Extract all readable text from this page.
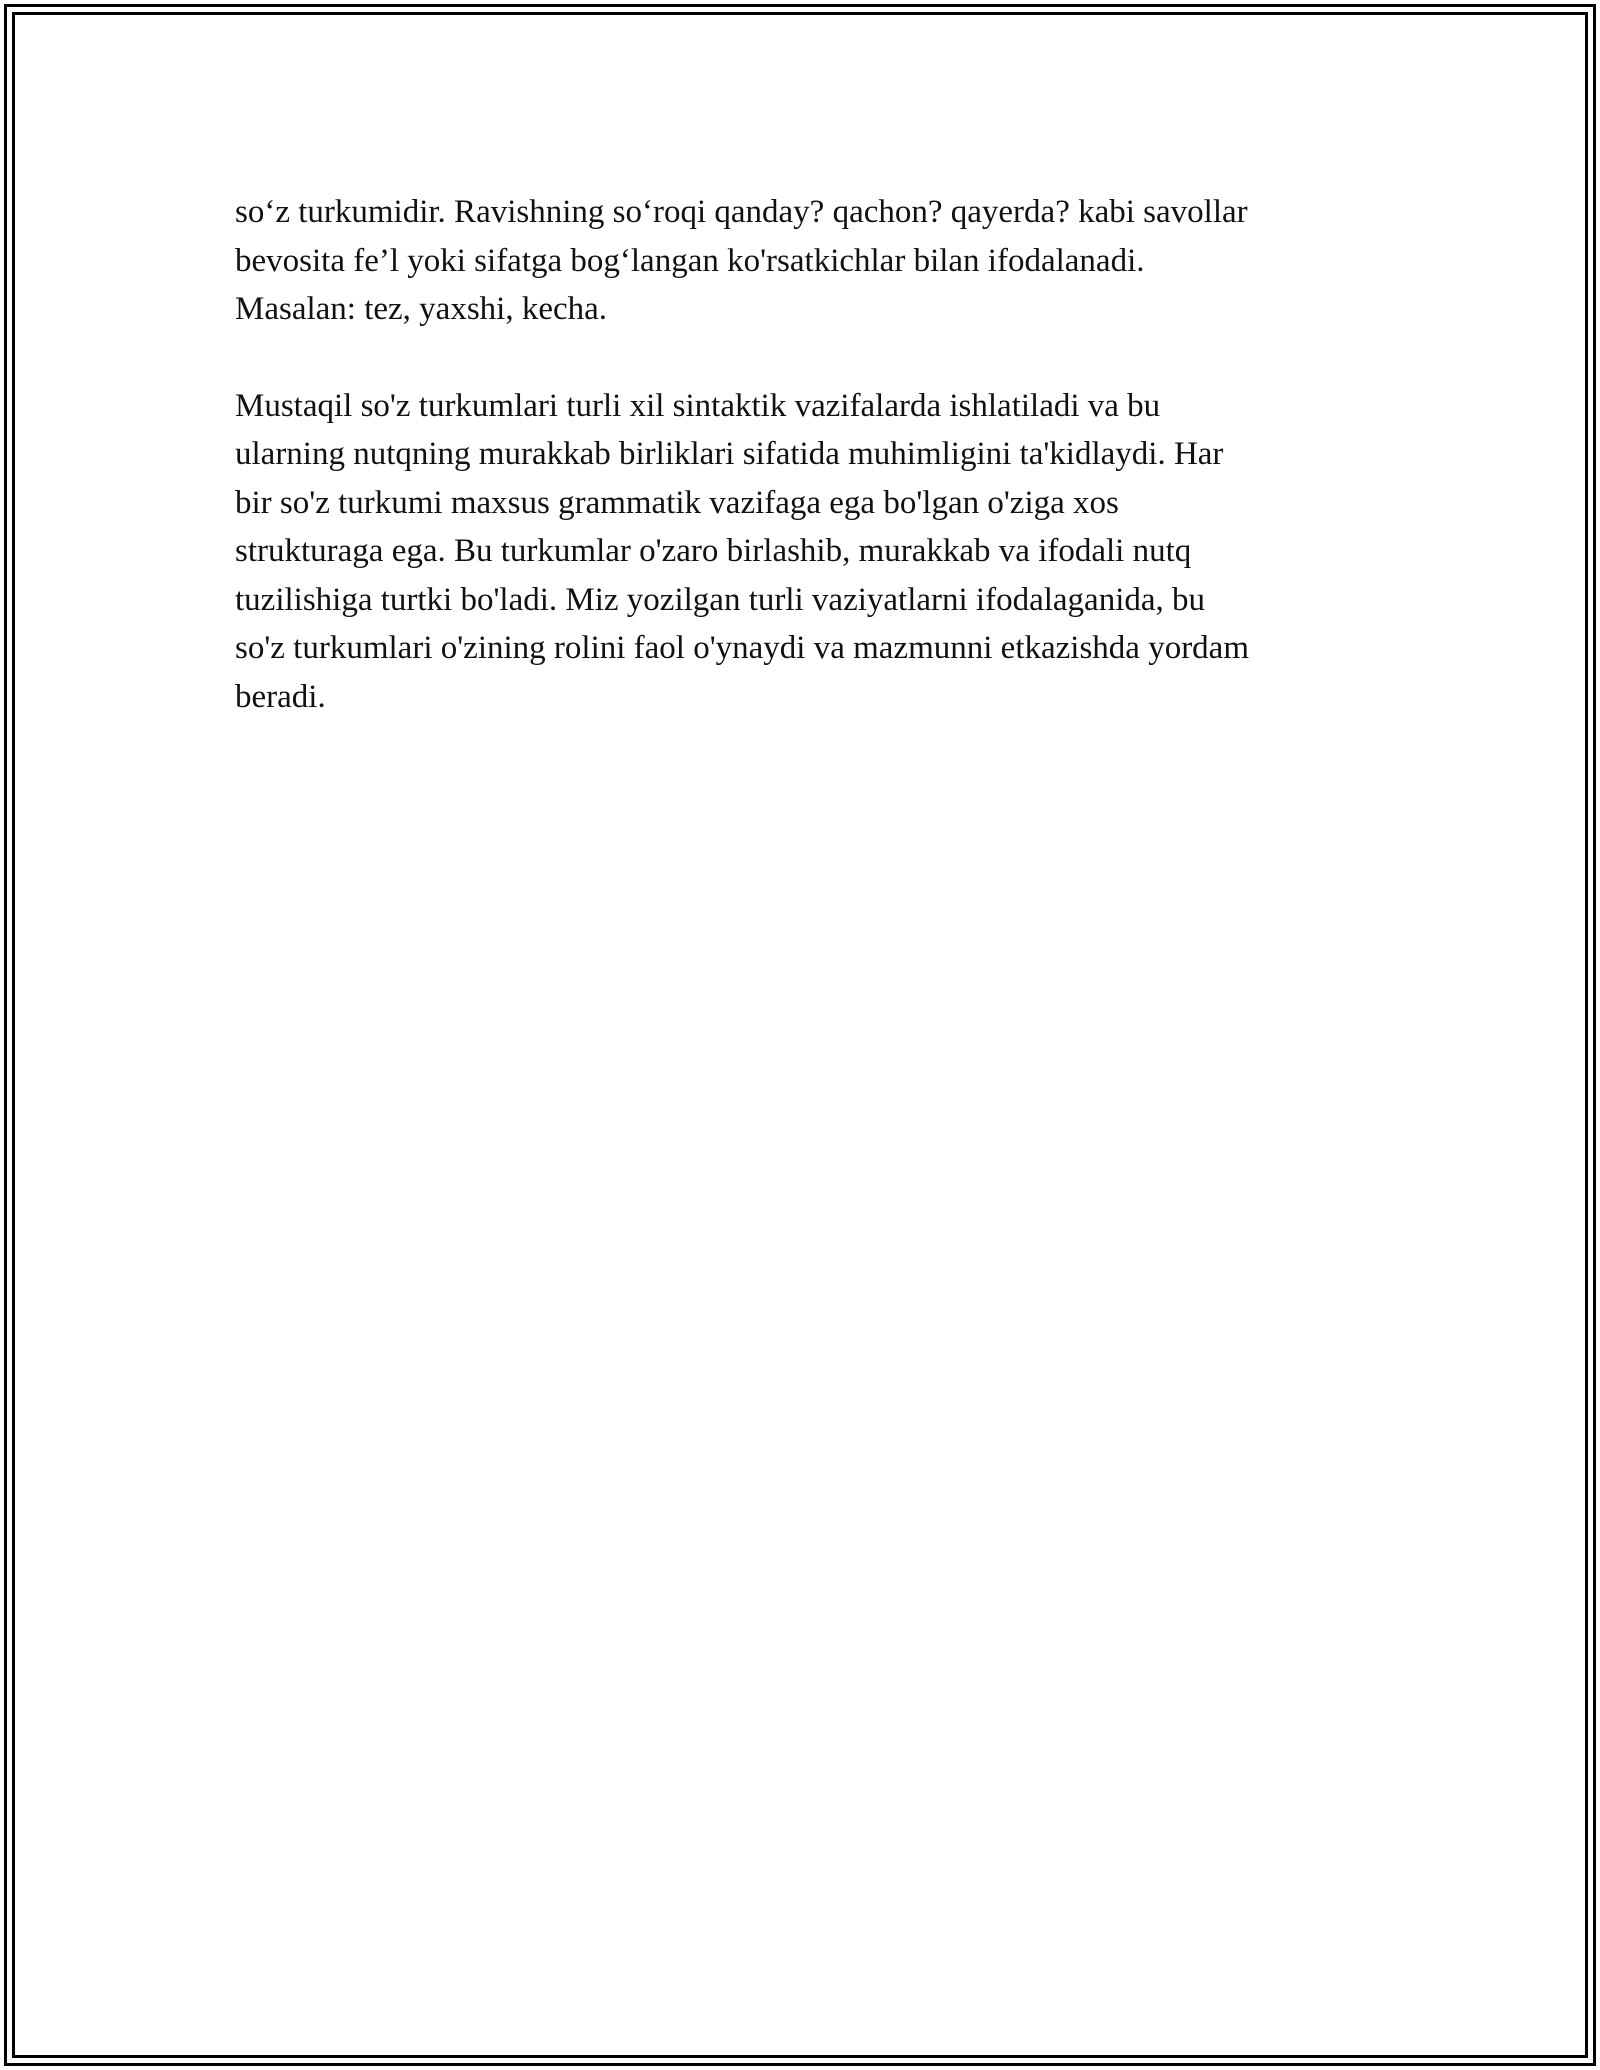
so‘z turkumidir. Ravishning so‘roqi qanday? qachon? qayerda? kabi savollar
bevosita fe’l yoki sifatga bog‘langan ko'rsatkichlar bilan ifodalanadi.
Masalan: tez, yaxshi, kecha.

Mustaqil so'z turkumlari turli xil sintaktik vazifalarda ishlatiladi va bu
ularning nutqning murakkab birliklari sifatida muhimligini ta'kidlaydi. Har
bir so'z turkumi maxsus grammatik vazifaga ega bo'lgan o'ziga xos
strukturaga ega. Bu turkumlar o'zaro birlashib, murakkab va ifodali nutq
tuzilishiga turtki bo'ladi. Miz yozilgan turli vaziyatlarni ifodalaganida, bu
so'z turkumlari o'zining rolini faol o'ynaydi va mazmunni etkazishda yordam
beradi.
